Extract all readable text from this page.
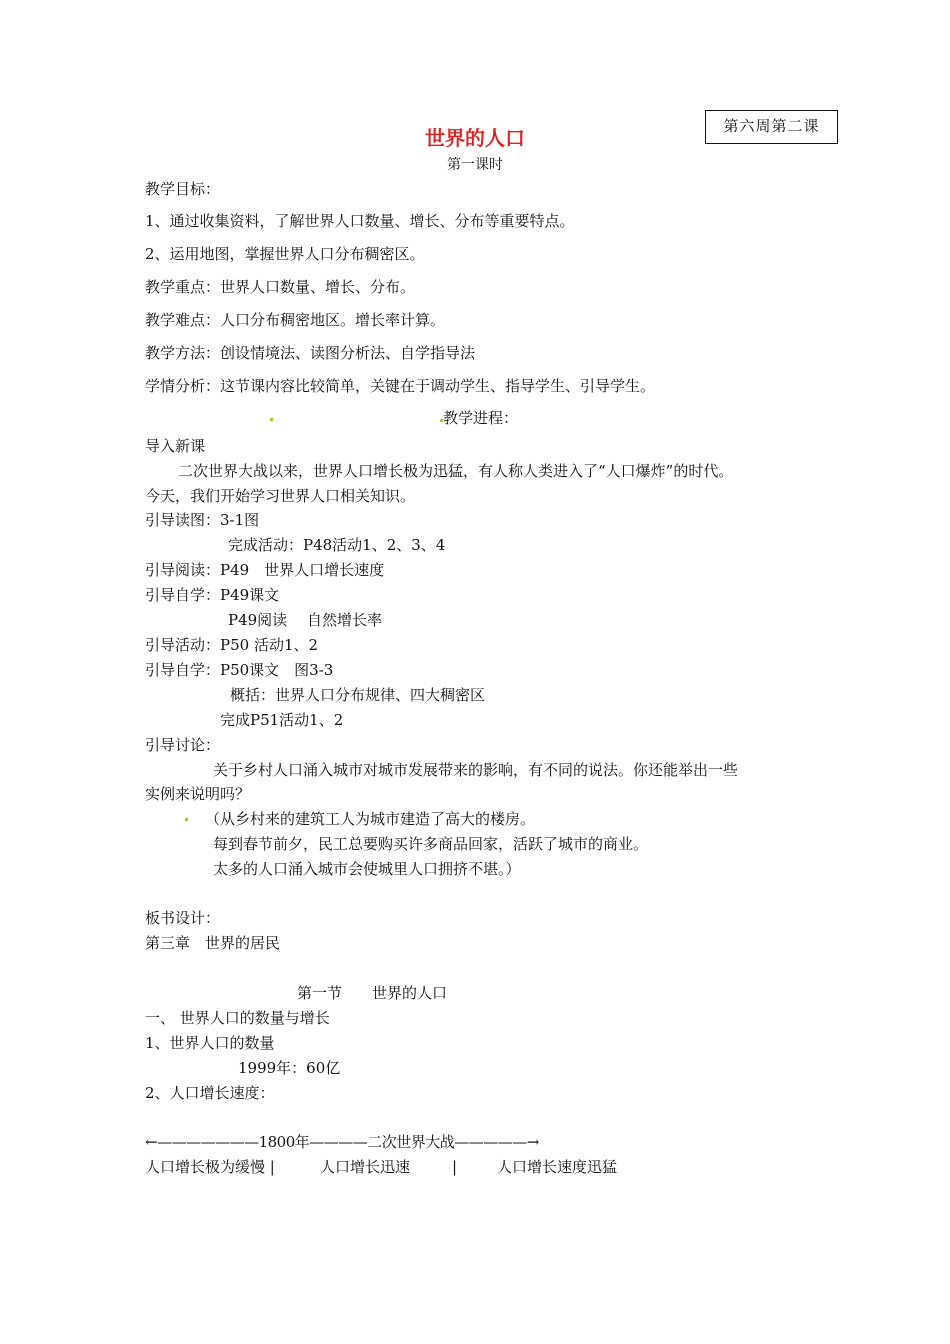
第六周第二课
世界的人口
第一课时
教学目标：
1、通过收集资料，了解世界人口数量、增长、分布等重要特点。
2、运用地图，掌握世界人口分布稠密区。
教学重点：世界人口数量、增长、分布。
教学难点：人口分布稠密地区。增长率计算。
教学方法：创设情境法、读图分析法、自学指导法
学情分析：这节课内容比较简单，关键在于调动学生、指导学生、引导学生。
教学进程：
导入新课
二次世界大战以来，世界人口增长极为迅猛，有人称人类进入了“人口爆炸”的时代。
今天，我们开始学习世界人口相关知识。
引导读图：3-1图
完成活动：P48活动1、2、3、4
引导阅读：P49　世界人口增长速度
引导自学：P49课文
P49阅读　 自然增长率
引导活动：P50 活动1、2
引导自学：P50课文　图3-3
概括：世界人口分布规律、四大稠密区
完成P51活动1、2
引导讨论：
关于乡村人口涌入城市对城市发展带来的影响，有不同的说法。你还能举出一些
实例来说明吗？
（从乡村来的建筑工人为城市建造了高大的楼房。
每到春节前夕，民工总要购买许多商品回家，活跃了城市的商业。
太多的人口涌入城市会使城里人口拥挤不堪。）
板书设计：
第三章　世界的居民
第一节　　世界的人口
一、 世界人口的数量与增长
1、世界人口的数量
1999年：60亿
2、人口增长速度：
←———————1800年————二次世界大战—————→
人口增长极为缓慢 |	人口增长迅速	|	人口增长速度迅猛
